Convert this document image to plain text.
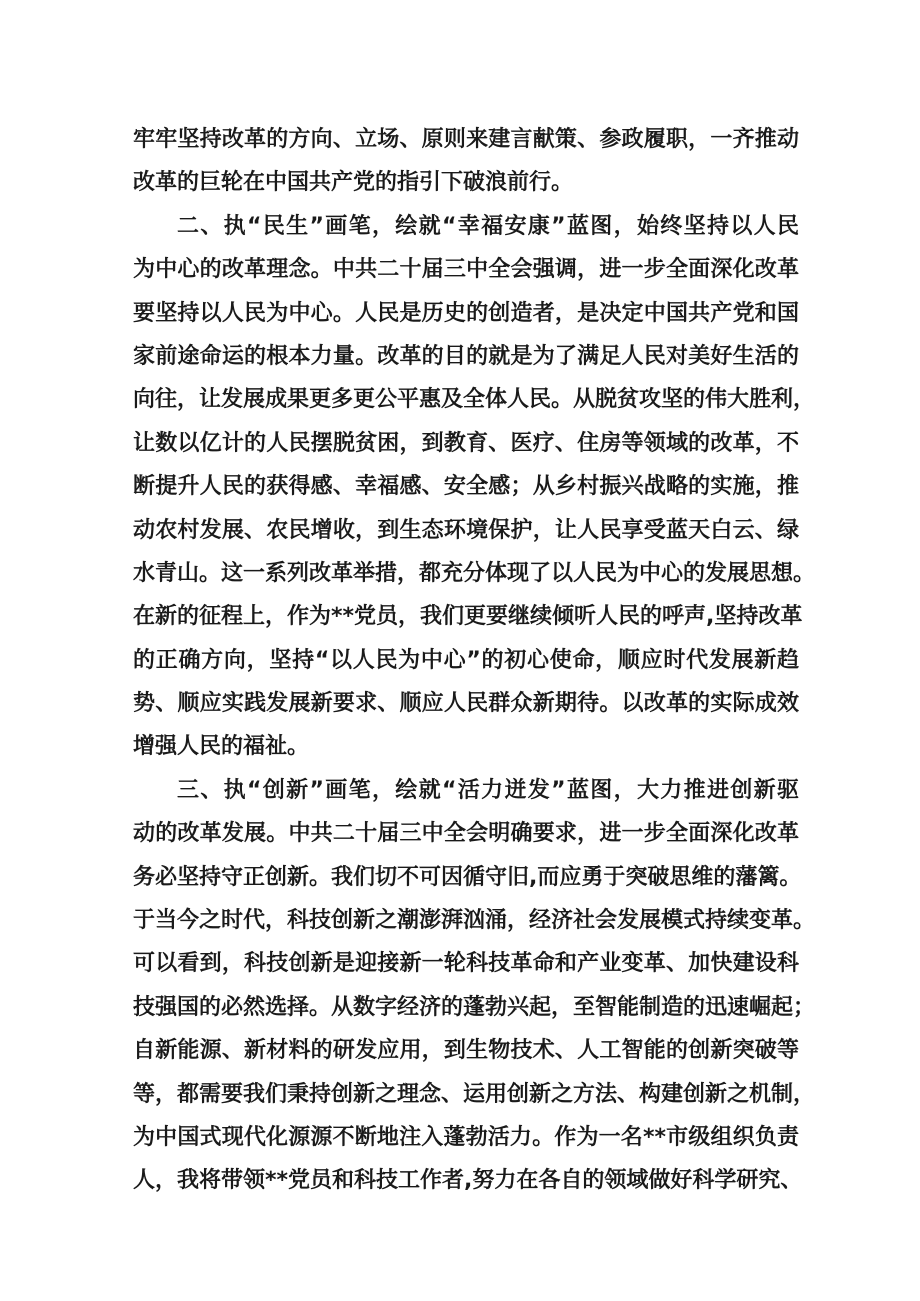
牢牢坚持改革的方向、立场、原则来建言献策、参政履职，一齐推动
改革的巨轮在中国共产党的指引下破浪前行。
二、执“民生”画笔，绘就“幸福安康”蓝图，始终坚持以人民
为中心的改革理念。中共二十届三中全会强调，进一步全面深化改革
要坚持以人民为中心。人民是历史的创造者，是决定中国共产党和国
家前途命运的根本力量。改革的目的就是为了满足人民对美好生活的
向往，让发展成果更多更公平惠及全体人民。从脱贫攻坚的伟大胜利，
让数以亿计的人民摆脱贫困，到教育、医疗、住房等领域的改革，不
断提升人民的获得感、幸福感、安全感；从乡村振兴战略的实施，推
动农村发展、农民增收，到生态环境保护，让人民享受蓝天白云、绿
水青山。这一系列改革举措，都充分体现了以人民为中心的发展思想。
在新的征程上，作为**党员，我们更要继续倾听人民的呼声,坚持改革
的正确方向，坚持“以人民为中心”的初心使命，顺应时代发展新趋
势、顺应实践发展新要求、顺应人民群众新期待。以改革的实际成效
增强人民的福祉。
三、执“创新”画笔，绘就“活力迸发”蓝图，大力推进创新驱
动的改革发展。中共二十届三中全会明确要求，进一步全面深化改革
务必坚持守正创新。我们切不可因循守旧,而应勇于突破思维的藩篱。
于当今之时代，科技创新之潮澎湃汹涌，经济社会发展模式持续变革。
可以看到，科技创新是迎接新一轮科技革命和产业变革、加快建设科
技强国的必然选择。从数字经济的蓬勃兴起，至智能制造的迅速崛起；
自新能源、新材料的研发应用，到生物技术、人工智能的创新突破等
等，都需要我们秉持创新之理念、运用创新之方法、构建创新之机制，
为中国式现代化源源不断地注入蓬勃活力。作为一名**市级组织负责
人，我将带领**党员和科技工作者,努力在各自的领域做好科学研究、
